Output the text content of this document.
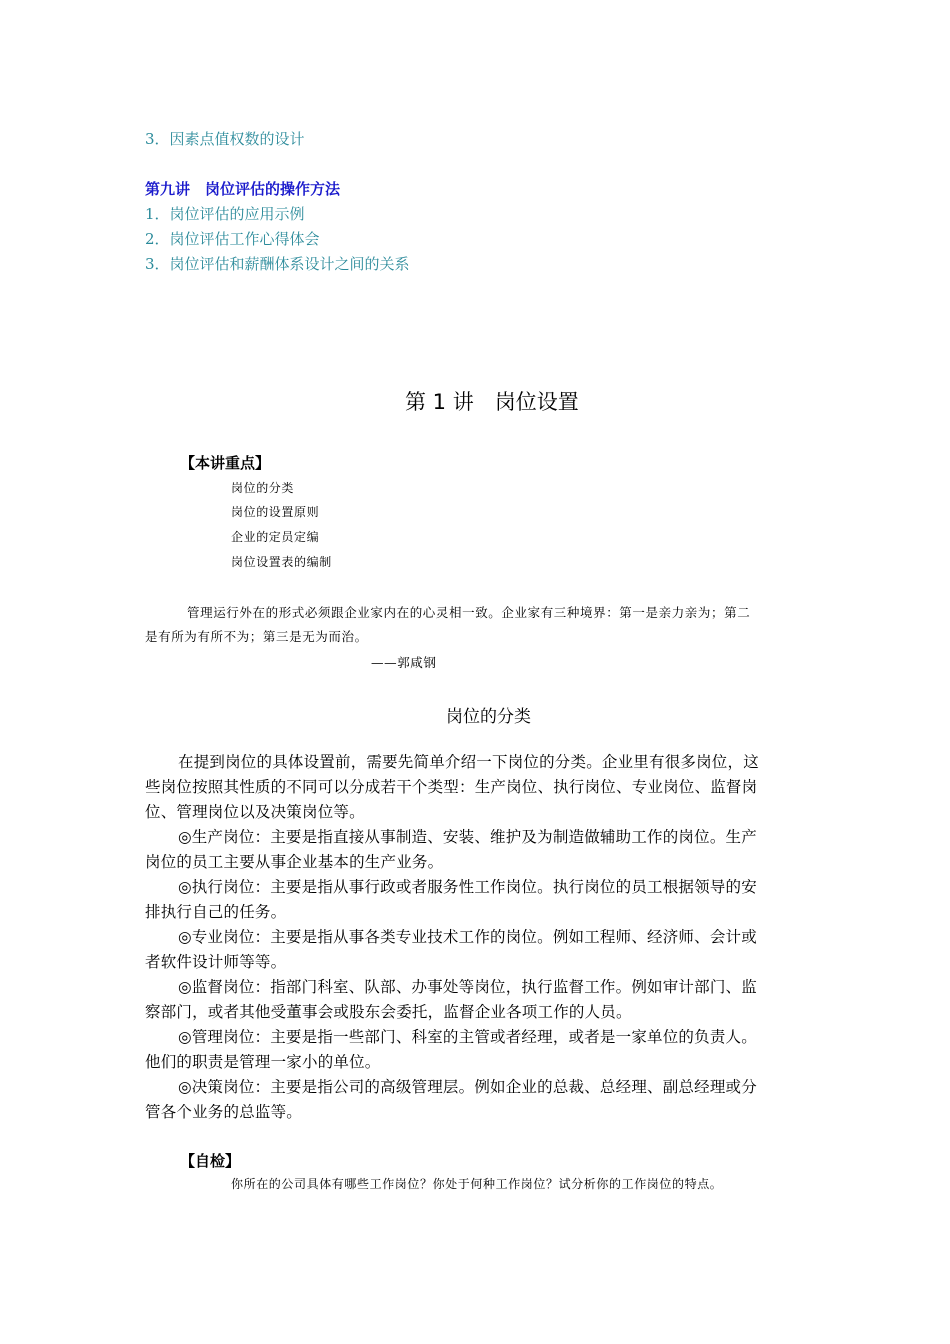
3．因素点值权数的设计
第九讲　岗位评估的操作方法
1．岗位评估的应用示例
2．岗位评估工作心得体会
3．岗位评估和薪酬体系设计之间的关系
第 1 讲　岗位设置
【本讲重点】
岗位的分类
岗位的设置原则
企业的定员定编
岗位设置表的编制
管理运行外在的形式必须跟企业家内在的心灵相一致。企业家有三种境界：第一是亲力亲为；第二
是有所为有所不为；第三是无为而治。
——郭咸钢
岗位的分类
在提到岗位的具体设置前，需要先简单介绍一下岗位的分类。企业里有很多岗位，这
些岗位按照其性质的不同可以分成若干个类型：生产岗位、执行岗位、专业岗位、监督岗
位、管理岗位以及决策岗位等。
◎生产岗位：主要是指直接从事制造、安装、维护及为制造做辅助工作的岗位。生产
岗位的员工主要从事企业基本的生产业务。
◎执行岗位：主要是指从事行政或者服务性工作岗位。执行岗位的员工根据领导的安
排执行自己的任务。
◎专业岗位：主要是指从事各类专业技术工作的岗位。例如工程师、经济师、会计或
者软件设计师等等。
◎监督岗位：指部门科室、队部、办事处等岗位，执行监督工作。例如审计部门、监
察部门，或者其他受董事会或股东会委托，监督企业各项工作的人员。
◎管理岗位：主要是指一些部门、科室的主管或者经理，或者是一家单位的负责人。
他们的职责是管理一家小的单位。
◎决策岗位：主要是指公司的高级管理层。例如企业的总裁、总经理、副总经理或分
管各个业务的总监等。
【自检】
你所在的公司具体有哪些工作岗位？你处于何种工作岗位？试分析你的工作岗位的特点。
